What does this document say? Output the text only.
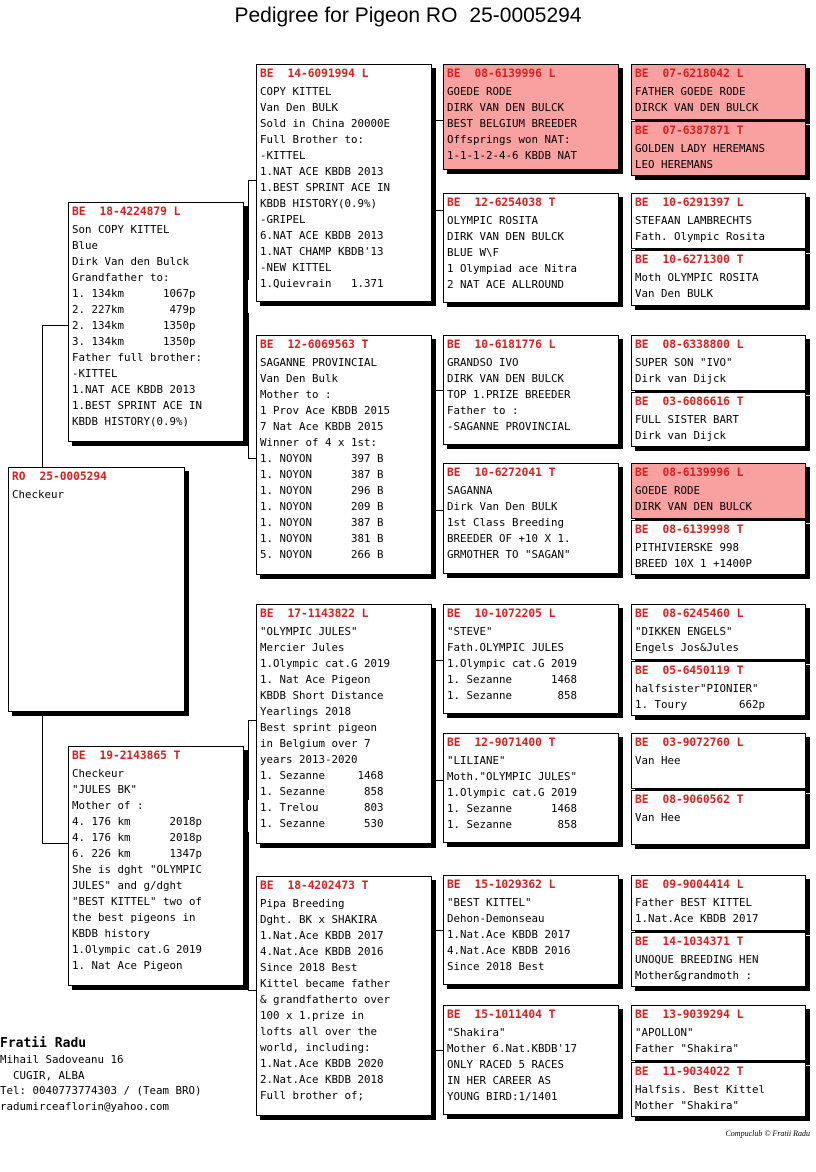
Pedigree for Pigeon RO 25-0005294
RO 25-0005294
Checkeur
BE 18-4224879 L
Son COPY KITTEL
Blue
Dirk Van den Bulck
Grandfather to:
1. 134km      1067p
2. 227km       479p
2. 134km      1350p
3. 134km      1350p
Father full brother:
-KITTEL
1.NAT ACE KBDB 2013
1.BEST SPRINT ACE IN
KBDB HISTORY(0.9%)
BE 19-2143865 T
Checkeur
"JULES BK"
Mother of :
4. 176 km      2018p
4. 176 km      2018p
6. 226 km      1347p
She is dght "OLYMPIC
JULES" and g/dght
"BEST KITTEL" two of
the best pigeons in
KBDB history
1.Olympic cat.G 2019
1. Nat Ace Pigeon
BE 14-6091994 L
COPY KITTEL
Van Den BULK
Sold in China 20000E
Full Brother to:
-KITTEL
1.NAT ACE KBDB 2013
1.BEST SPRINT ACE IN
KBDB HISTORY(0.9%)
-GRIPEL
6.NAT ACE KBDB 2013
1.NAT CHAMP KBDB'13
-NEW KITTEL
1.Quievrain   1.371
BE 12-6069563 T
SAGANNE PROVINCIAL
Van Den Bulk
Mother to :
1 Prov Ace KBDB 2015
7 Nat Ace KBDB 2015
Winner of 4 x 1st:
1. NOYON      397 B
1. NOYON      387 B
1. NOYON      296 B
1. NOYON      209 B
1. NOYON      387 B
1. NOYON      381 B
5. NOYON      266 B
BE 17-1143822 L
"OLYMPIC JULES"
Mercier Jules
1.Olympic cat.G 2019
1. Nat Ace Pigeon
KBDB Short Distance
Yearlings 2018
Best sprint pigeon
in Belgium over 7
years 2013-2020
1. Sezanne     1468
1. Sezanne      858
1. Trelou       803
1. Sezanne      530
BE 18-4202473 T
Pipa Breeding
Dght. BK x SHAKIRA
1.Nat.Ace KBDB 2017
4.Nat.Ace KBDB 2016
Since 2018 Best
Kittel became father
& grandfatherto over
100 x 1.prize in
lofts all over the
world, including:
1.Nat.Ace KBDB 2020
2.Nat.Ace KBDB 2018
Full brother of;
BE 08-6139996 L
GOEDE RODE
DIRK VAN DEN BULCK
BEST BELGIUM BREEDER
Offsprings won NAT:
1-1-1-2-4-6 KBDB NAT
BE 12-6254038 T
OLYMPIC ROSITA
DIRK VAN DEN BULCK
BLUE W\F
1 Olympiad ace Nitra
2 NAT ACE ALLROUND
BE 10-6181776 L
GRANDSO IVO
DIRK VAN DEN BULCK
TOP 1.PRIZE BREEDER
Father to :
-SAGANNE PROVINCIAL
BE 10-6272041 T
SAGANNA
Dirk Van Den BULK
1st Class Breeding
BREEDER OF +10 X 1.
GRMOTHER TO "SAGAN"
BE 10-1072205 L
"STEVE"
Fath.OLYMPIC JULES
1.Olympic cat.G 2019
1. Sezanne      1468
1. Sezanne       858
BE 12-9071400 T
"LILIANE"
Moth."OLYMPIC JULES"
1.Olympic cat.G 2019
1. Sezanne      1468
1. Sezanne       858
BE 15-1029362 L
"BEST KITTEL"
Dehon-Demonseau
1.Nat.Ace KBDB 2017
4.Nat.Ace KBDB 2016
Since 2018 Best
BE 15-1011404 T
"Shakira"
Mother 6.Nat.KBDB'17
ONLY RACED 5 RACES
IN HER CAREER AS
YOUNG BIRD:1/1401
BE 07-6218042 L
FATHER GOEDE RODE
DIRCK VAN DEN BULCK
BE 07-6387871 T
GOLDEN LADY HEREMANS
LEO HEREMANS
BE 10-6291397 L
STEFAAN LAMBRECHTS
Fath. Olympic Rosita
BE 10-6271300 T
Moth OLYMPIC ROSITA
Van Den BULK
BE 08-6338800 L
SUPER SON "IVO"
Dirk van Dijck
BE 03-6086616 T
FULL SISTER BART
Dirk van Dijck
BE 08-6139996 L
GOEDE RODE
DIRK VAN DEN BULCK
BE 08-6139998 T
PITHIVIERSKE 998
BREED 10X 1 +1400P
BE 08-6245460 L
"DIKKEN ENGELS"
Engels Jos&Jules
BE 05-6450119 T
halfsister"PIONIER"
1. Toury        662p
BE 03-9072760 L
Van Hee
BE 08-9060562 T
Van Hee
BE 09-9004414 L
Father BEST KITTEL
1.Nat.Ace KBDB 2017
BE 14-1034371 T
UNOQUE BREEDING HEN
Mother&grandmoth :
BE 13-9039294 L
"APOLLON"
Father "Shakira"
BE 11-9034022 T
Halfsis. Best Kittel
Mother "Shakira"
Fratii Radu
Mihail Sadoveanu 16
CUGIR, ALBA
Tel: 0040773774303 / (Team BRO)
radumirceaflorin@yahoo.com
Compuclub © Fratii Radu
